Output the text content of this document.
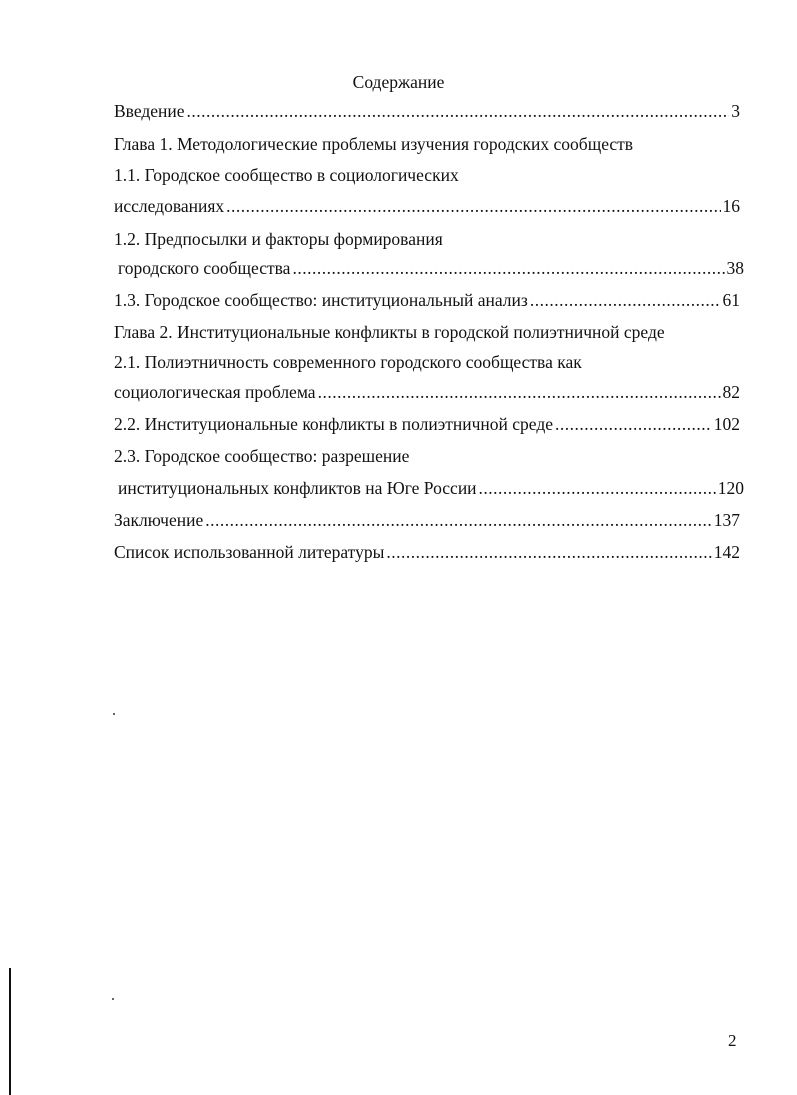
Содержание
Введение .....	3
Глава 1. Методологические проблемы изучения городских сообществ
1.1. Городское сообщество в социологических
исследованиях .....	16
1.2. Предпосылки и факторы формирования
городского сообщества .....	38
1.3. Городское сообщество: институциональный анализ .....	61
Глава 2. Институциональные конфликты в городской полиэтничной среде
2.1. Полиэтничность современного городского сообщества как
социологическая проблема .....	82
2.2. Институциональные конфликты в полиэтничной среде .....	102
2.3. Городское сообщество: разрешение
институциональных конфликтов на Юге России .....	120
Заключение .....	137
Список использованной литературы .....	142
2
